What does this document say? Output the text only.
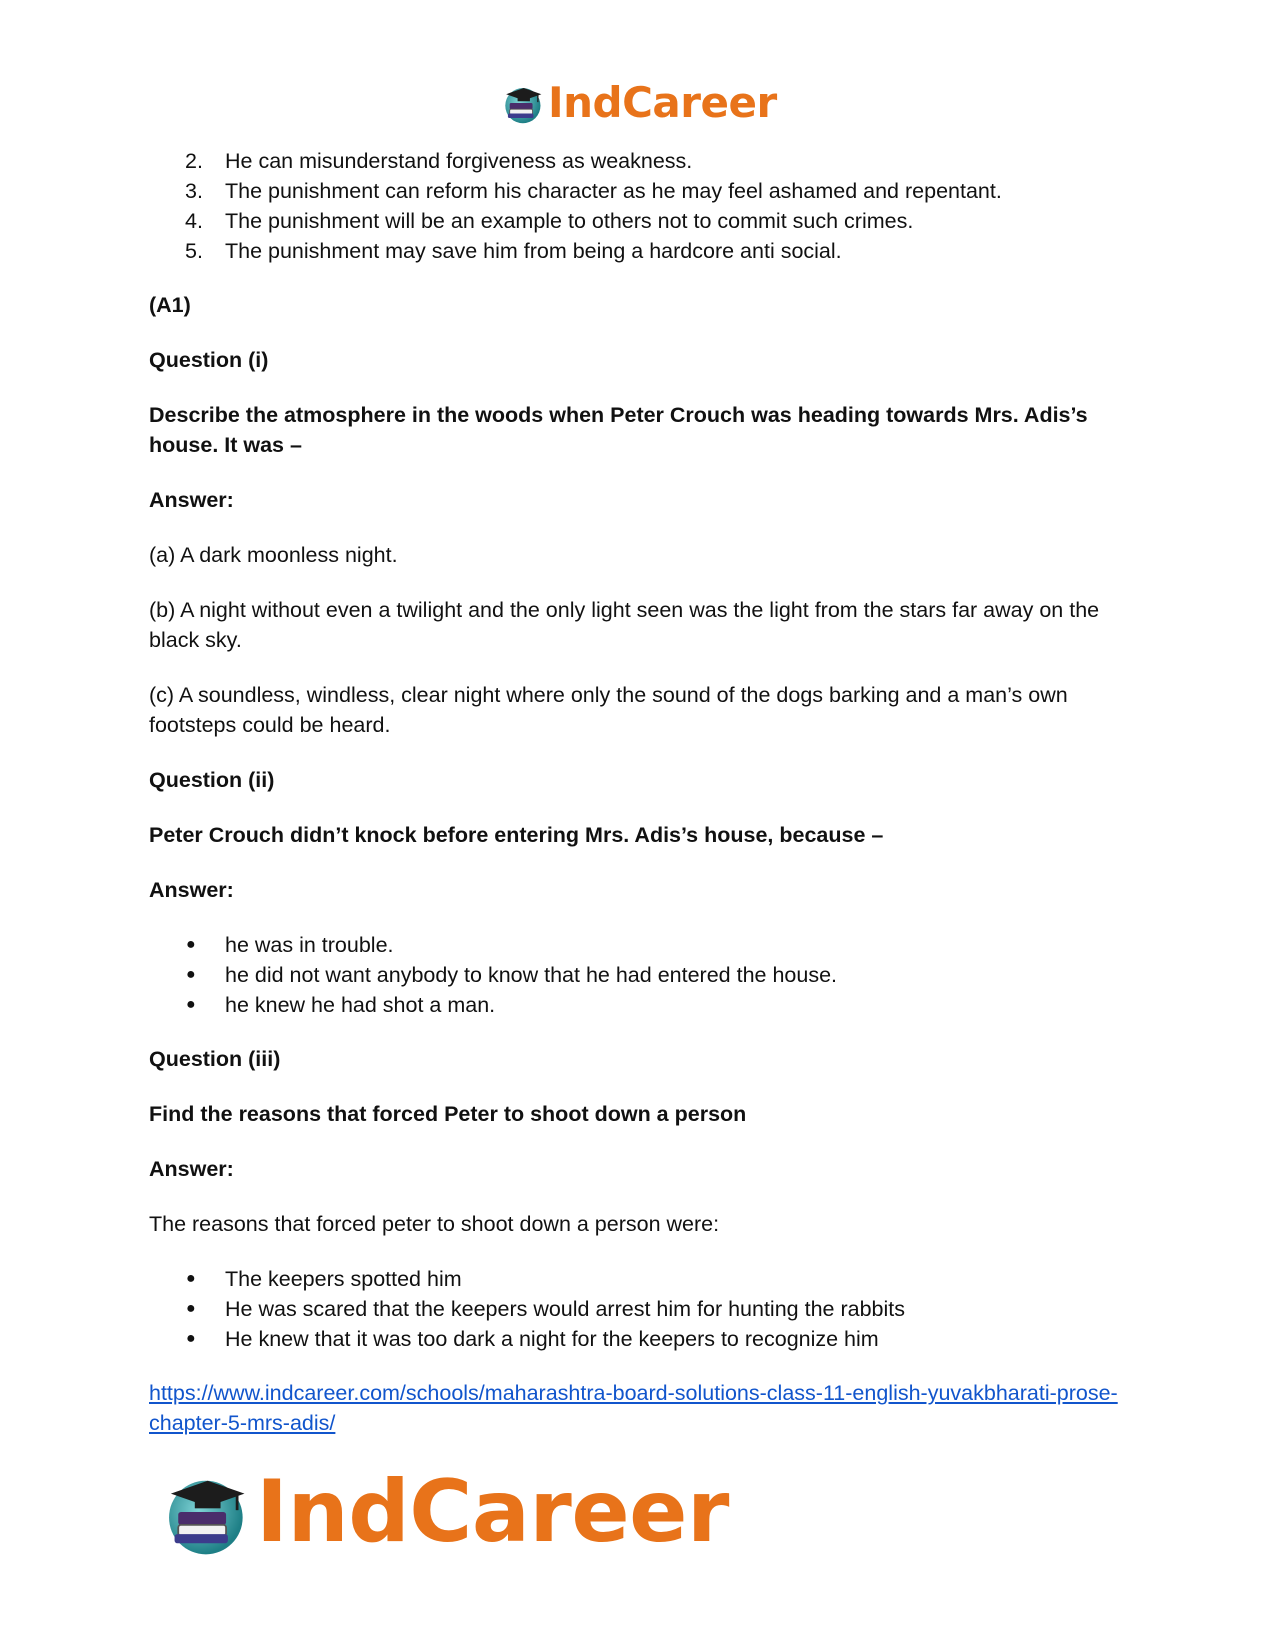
IndCareer
2. He can misunderstand forgiveness as weakness.
3. The punishment can reform his character as he may feel ashamed and repentant.
4. The punishment will be an example to others not to commit such crimes.
5. The punishment may save him from being a hardcore anti social.

(A1)

Question (i)

Describe the atmosphere in the woods when Peter Crouch was heading towards Mrs. Adis’s house. It was –

Answer:

(a) A dark moonless night.

(b) A night without even a twilight and the only light seen was the light from the stars far away on the black sky.

(c) A soundless, windless, clear night where only the sound of the dogs barking and a man’s own footsteps could be heard.

Question (ii)

Peter Crouch didn’t knock before entering Mrs. Adis’s house, because –

Answer:

● he was in trouble.
● he did not want anybody to know that he had entered the house.
● he knew he had shot a man.

Question (iii)

Find the reasons that forced Peter to shoot down a person

Answer:

The reasons that forced peter to shoot down a person were:

● The keepers spotted him
● He was scared that the keepers would arrest him for hunting the rabbits
● He knew that it was too dark a night for the keepers to recognize him
https://www.indcareer.com/schools/maharashtra-board-solutions-class-11-english-yuvakbharati-prose-chapter-5-mrs-adis/
IndCareer
